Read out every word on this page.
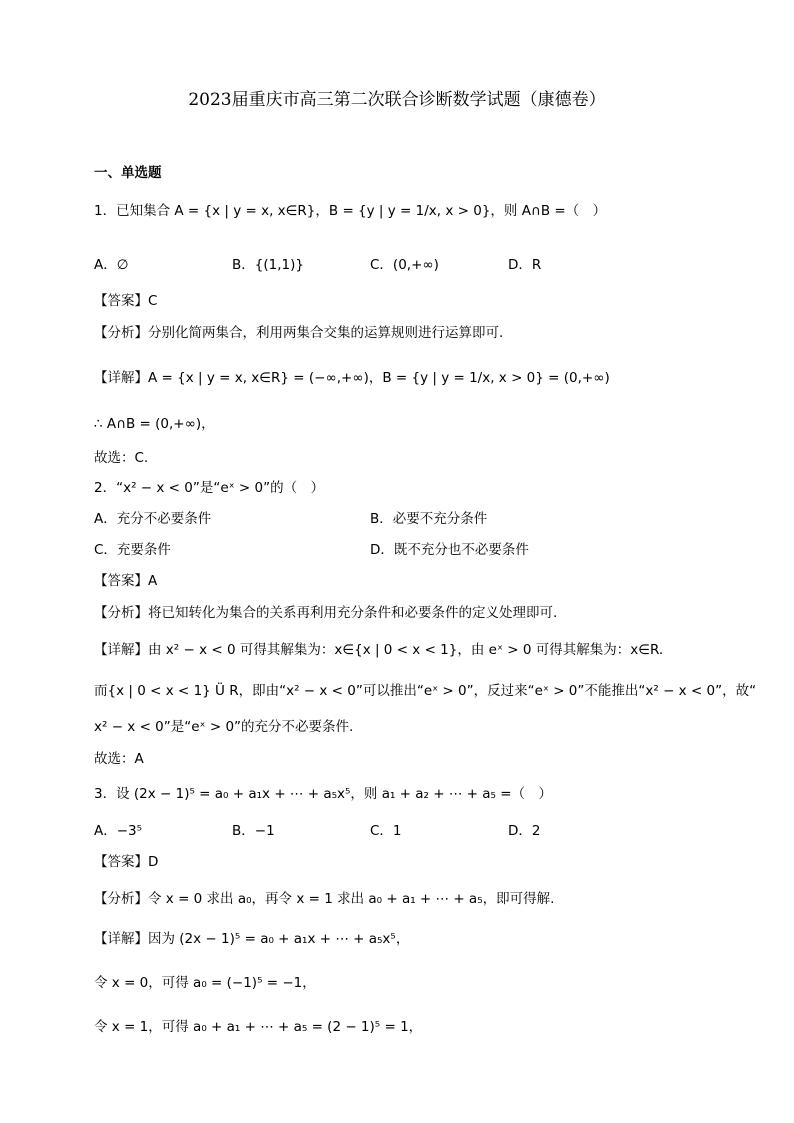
2023届重庆市高三第二次联合诊断数学试题（康德卷）
一、单选题
1．已知集合 A = {x | y = x, x∈R}，B = {y | y = 1/x, x > 0}，则 A∩B =（　）
A．∅	B．{(1,1)}	C．(0,+∞)	D．R
【答案】C
【分析】分别化简两集合，利用两集合交集的运算规则进行运算即可.
【详解】A = {x | y = x, x∈R} = (−∞,+∞)，B = {y | y = 1/x, x > 0} = (0,+∞)
∴ A∩B = (0,+∞)，
故选：C.
2．“x² − x < 0”是“eˣ > 0”的（　）
A．充分不必要条件	B．必要不充分条件
C．充要条件	D．既不充分也不必要条件
【答案】A
【分析】将已知转化为集合的关系再利用充分条件和必要条件的定义处理即可.
【详解】由 x² − x < 0 可得其解集为：x∈{x | 0 < x < 1}，由 eˣ > 0 可得其解集为：x∈R.
而{x | 0 < x < 1} Ü R，即由“x² − x < 0”可以推出“eˣ > 0”，反过来“eˣ > 0”不能推出“x² − x < 0”，故“
x² − x < 0”是“eˣ > 0”的充分不必要条件.
故选：A
3．设 (2x − 1)⁵ = a₀ + a₁x + ⋯ + a₅x⁵，则 a₁ + a₂ + ⋯ + a₅ =（　）
A．−3⁵	B．−1	C．1	D．2
【答案】D
【分析】令 x = 0 求出 a₀，再令 x = 1 求出 a₀ + a₁ + ⋯ + a₅，即可得解.
【详解】因为 (2x − 1)⁵ = a₀ + a₁x + ⋯ + a₅x⁵，
令 x = 0，可得 a₀ = (−1)⁵ = −1，
令 x = 1，可得 a₀ + a₁ + ⋯ + a₅ = (2 − 1)⁵ = 1，
